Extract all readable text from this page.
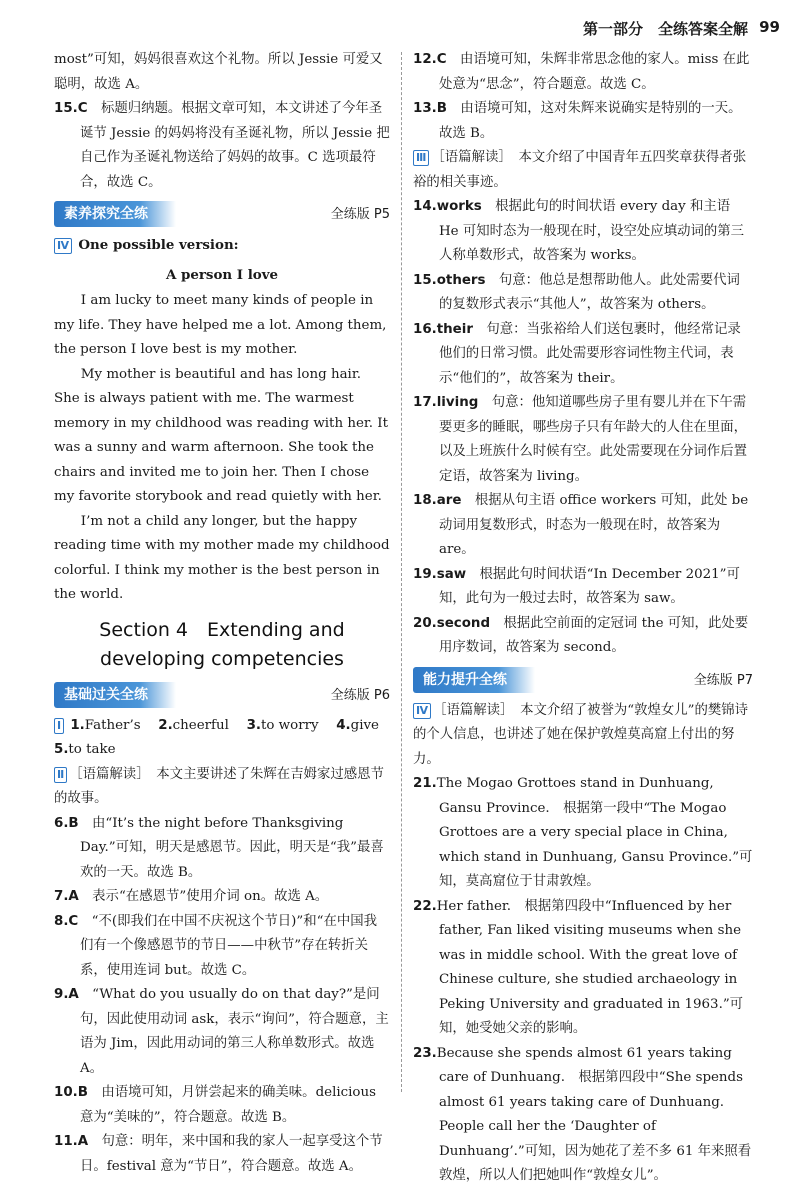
第一部分　全练答案全解 99

most”可知，妈妈很喜欢这个礼物。所以 Jessie 可爱又聪明，故选 A。

15.C　 标题归纳题。根据文章可知，本文讲述了今年圣诞节 Jessie 的妈妈将没有圣诞礼物，所以 Jessie 把自己作为圣诞礼物送给了妈妈的故事。C 选项最符合，故选 C。

素养探究全练	全练版 P5

Ⅳ One possible version:

A person I love

I am lucky to meet many kinds of people in my life. They have helped me a lot. Among them, the person I love best is my mother.

My mother is beautiful and has long hair. She is always patient with me. The warmest memory in my childhood was reading with her. It was a sunny and warm afternoon. She took the chairs and invited me to join her. Then I chose my favorite storybook and read quietly with her.

I’m not a child any longer, but the happy reading time with my mother made my childhood colorful. I think my mother is the best person in the world.

Section 4　Extending and
developing competencies
基础过关全练	全练版 P6

Ⅰ 1.Father’s　 2.cheerful　 3.to worry　 4.give

5.to take

Ⅱ ［语篇解读］　本文主要讲述了朱辉在吉姆家过感恩节的故事。

6.B　 由“It’s the night before Thanksgiving Day.”可知，明天是感恩节。因此，明天是“我”最喜欢的一天。故选 B。

7.A　 表示“在感恩节”使用介词 on。故选 A。

8.C　 “不(即我们在中国不庆祝这个节日)”和“在中国我们有一个像感恩节的节日——中秋节”存在转折关系，使用连词 but。故选 C。

9.A　 “What do you usually do on that day?”是问句，因此使用动词 ask，表示“询问”，符合题意，主语为 Jim，因此用动词的第三人称单数形式。故选 A。

10.B　 由语境可知，月饼尝起来的确美味。delicious 意为“美味的”，符合题意。故选 B。

11.A　 句意：明年，来中国和我的家人一起享受这个节日。festival 意为“节日”，符合题意。故选 A。

12.C　 由语境可知，朱辉非常思念他的家人。miss 在此处意为“思念”，符合题意。故选 C。

13.B　 由语境可知，这对朱辉来说确实是特别的一天。故选 B。

Ⅲ ［语篇解读］　本文介绍了中国青年五四奖章获得者张裕的相关事迹。

14.works　 根据此句的时间状语 every day 和主语 He 可知时态为一般现在时，设空处应填动词的第三人称单数形式，故答案为 works。

15.others　 句意：他总是想帮助他人。此处需要代词的复数形式表示“其他人”，故答案为 others。

16.their　 句意：当张裕给人们送包裹时，他经常记录他们的日常习惯。此处需要形容词性物主代词，表示“他们的”，故答案为 their。

17.living　 句意：他知道哪些房子里有婴儿并在下午需要更多的睡眠，哪些房子只有年龄大的人住在里面，以及上班族什么时候有空。此处需要现在分词作后置定语，故答案为 living。

18.are　 根据从句主语 office workers 可知，此处 be 动词用复数形式，时态为一般现在时，故答案为 are。

19.saw　 根据此句时间状语“In December 2021”可知，此句为一般过去时，故答案为 saw。

20.second　 根据此空前面的定冠词 the 可知，此处要用序数词，故答案为 second。

能力提升全练	全练版 P7

Ⅳ ［语篇解读］　本文介绍了被誉为“敦煌女儿”的樊锦诗的个人信息，也讲述了她在保护敦煌莫高窟上付出的努力。

21.The Mogao Grottoes stand in Dunhuang, Gansu Province.　根据第一段中“The Mogao Grottoes are a very special place in China, which stand in Dunhuang, Gansu Province.”可知，莫高窟位于甘肃敦煌。

22.Her father.　根据第四段中“Influenced by her father, Fan liked visiting museums when she was in middle school. With the great love of Chinese culture, she studied archaeology in Peking University and graduated in 1963.”可知，她受她父亲的影响。

23.Because she spends almost 61 years taking care of Dunhuang.　根据第四段中“She spends almost 61 years taking care of Dunhuang. People call her the ‘Daughter of Dunhuang’.”可知，因为她花了差不多 61 年来照看敦煌，所以人们把她叫作“敦煌女儿”。
